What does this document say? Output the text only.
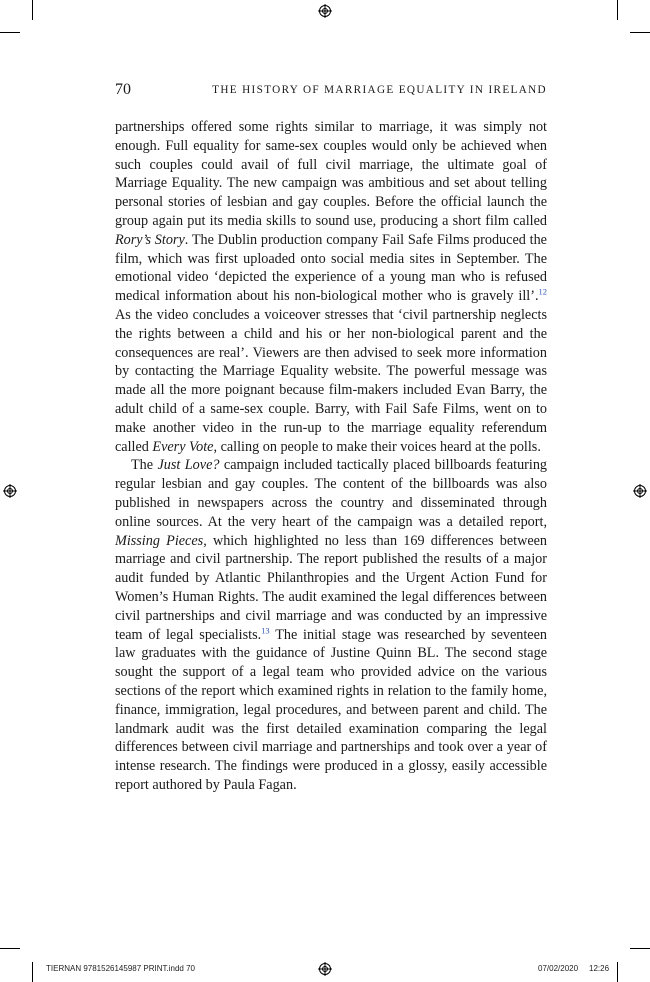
70	THE HISTORY OF MARRIAGE EQUALITY IN IRELAND

partnerships offered some rights similar to marriage, it was simply not enough. Full equality for same-sex couples would only be achieved when such couples could avail of full civil marriage, the ultimate goal of Marriage Equality. The new campaign was ambitious and set about telling personal stories of lesbian and gay couples. Before the official launch the group again put its media skills to sound use, producing a short film called Rory’s Story. The Dublin production company Fail Safe Films produced the film, which was first uploaded onto social media sites in September. The emotional video ‘depicted the experience of a young man who is refused medical information about his non-biological mother who is gravely ill’.$^{12}$ As the video concludes a voiceover stresses that ‘civil partnership neglects the rights between a child and his or her non-biological parent and the consequences are real’. Viewers are then advised to seek more information by contacting the Marriage Equality website. The powerful message was made all the more poignant because film-makers included Evan Barry, the adult child of a same-sex couple. Barry, with Fail Safe Films, went on to make another video in the run-up to the marriage equality referendum called Every Vote, calling on people to make their voices heard at the polls.

The Just Love? campaign included tactically placed billboards featuring regular lesbian and gay couples. The content of the billboards was also published in newspapers across the country and disseminated through online sources. At the very heart of the campaign was a detailed report, Missing Pieces, which highlighted no less than 169 differences between marriage and civil partnership. The report published the results of a major audit funded by Atlantic Philanthropies and the Urgent Action Fund for Women’s Human Rights. The audit examined the legal differences between civil partnerships and civil marriage and was conducted by an impressive team of legal specialists.$^{13}$ The initial stage was researched by seventeen law graduates with the guidance of Justine Quinn BL. The second stage sought the support of a legal team who provided advice on the various sections of the report which examined rights in relation to the family home, finance, immigration, legal procedures, and between parent and child. The landmark audit was the first detailed examination comparing the legal differences between civil marriage and partnerships and took over a year of intense research. The findings were produced in a glossy, easily accessible report authored by Paula Fagan.

TIERNAN 9781526145987 PRINT.indd 70	07/02/2020 12:26
